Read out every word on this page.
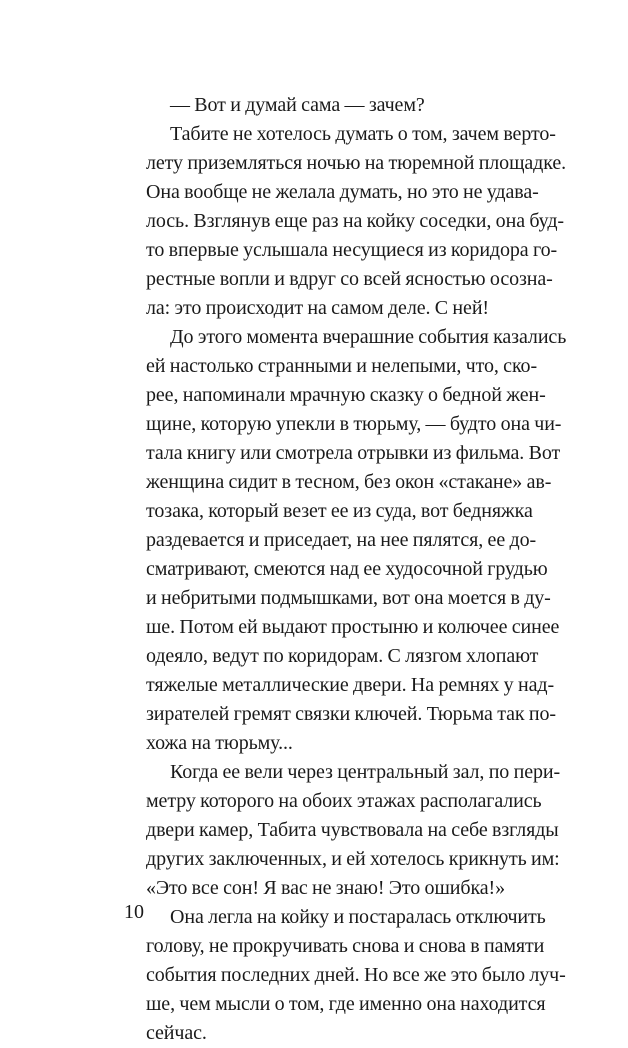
— Вот и думай сама — зачем?
Табите не хотелось думать о том, зачем верто-
лету приземляться ночью на тюремной площадке.
Она вообще не желала думать, но это не удава-
лось. Взглянув еще раз на койку соседки, она буд-
то впервые услышала несущиеся из коридора го-
рестные вопли и вдруг со всей ясностью осозна-
ла: это происходит на самом деле. С ней!
До этого момента вчерашние события казались
ей настолько странными и нелепыми, что, ско-
рее, напоминали мрачную сказку о бедной жен-
щине, которую упекли в тюрьму, — будто она чи-
тала книгу или смотрела отрывки из фильма. Вот
женщина сидит в тесном, без окон «стакане» ав-
тозака, который везет ее из суда, вот бедняжка
раздевается и приседает, на нее пялятся, ее до-
сматривают, смеются над ее худосочной грудью
и небритыми подмышками, вот она моется в ду-
ше. Потом ей выдают простыню и колючее синее
одеяло, ведут по коридорам. С лязгом хлопают
тяжелые металлические двери. На ремнях у над-
зирателей гремят связки ключей. Тюрьма так по-
хожа на тюрьму...
Когда ее вели через центральный зал, по пери-
метру которого на обоих этажах располагались
двери камер, Табита чувствовала на себе взгляды
других заключенных, и ей хотелось крикнуть им:
«Это все сон! Я вас не знаю! Это ошибка!»
Она легла на койку и постаралась отключить
голову, не прокручивать снова и снова в памяти
события последних дней. Но все же это было луч-
ше, чем мысли о том, где именно она находится
сейчас.

10
